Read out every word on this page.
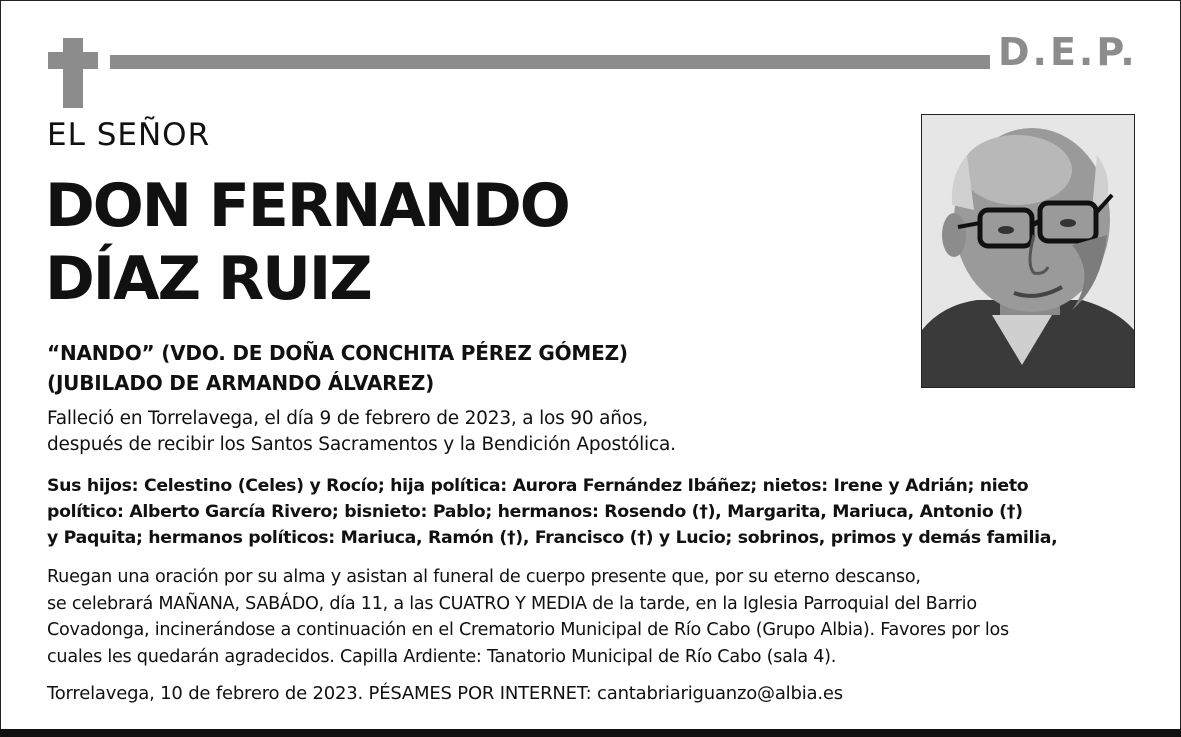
D.E.P.
EL SEÑOR
DON FERNANDO
DÍAZ RUIZ
“NANDO” (VDO. DE DOÑA CONCHITA PÉREZ GÓMEZ)
(JUBILADO DE ARMANDO ÁLVAREZ)
Falleció en Torrelavega, el día 9 de febrero de 2023, a los 90 años,
después de recibir los Santos Sacramentos y la Bendición Apostólica.
Sus hijos: Celestino (Celes) y Rocío; hija política: Aurora Fernández Ibáñez; nietos: Irene y Adrián; nieto
político: Alberto García Rivero; bisnieto: Pablo; hermanos: Rosendo (†), Margarita, Mariuca, Antonio (†)
y Paquita; hermanos políticos: Mariuca, Ramón (†), Francisco (†) y Lucio; sobrinos, primos y demás familia,
Ruegan una oración por su alma y asistan al funeral de cuerpo presente que, por su eterno descanso,
se celebrará MAÑANA, SABÁDO, día 11, a las CUATRO Y MEDIA de la tarde, en la Iglesia Parroquial del Barrio
Covadonga, incinerándose a continuación en el Crematorio Municipal de Río Cabo (Grupo Albia). Favores por los
cuales les quedarán agradecidos. Capilla Ardiente: Tanatorio Municipal de Río Cabo (sala 4).
Torrelavega, 10 de febrero de 2023. PÉSAMES POR INTERNET: cantabriariguanzo@albia.es
